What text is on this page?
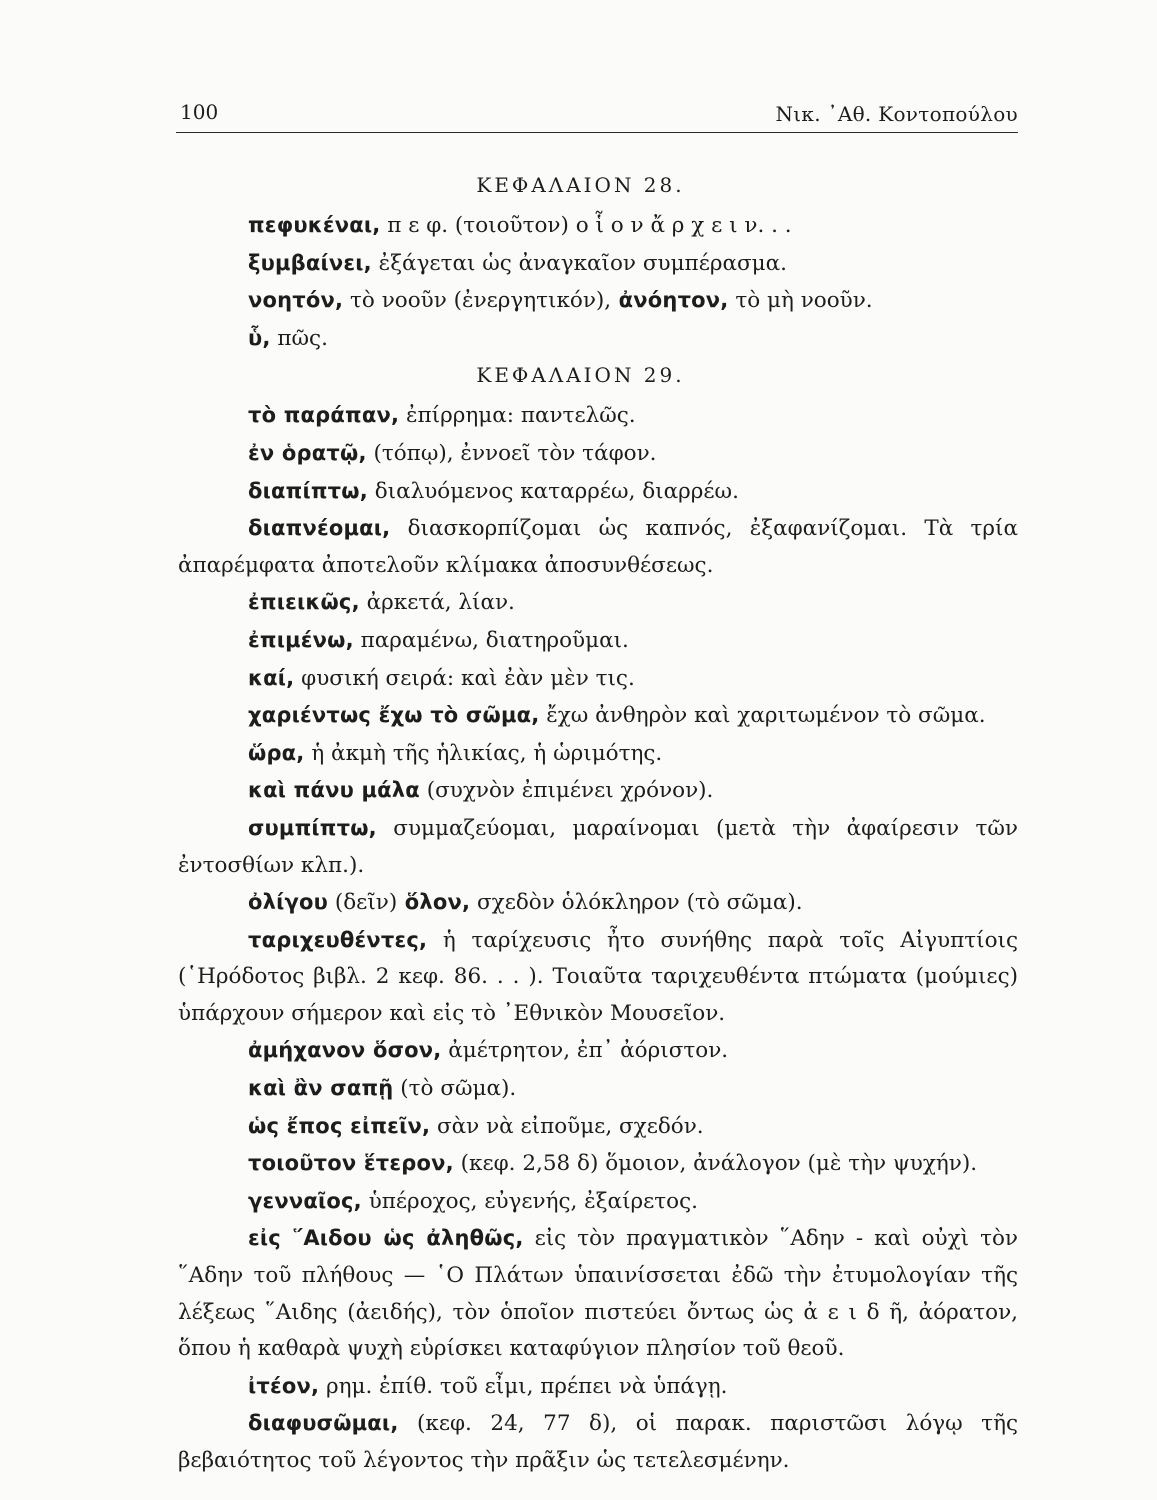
100	Νικ. ᾿Αθ. Κοντοπούλου
ΚΕΦΑΛΑΙΟΝ 28.

πεφυκέναι, π ε φ. (τοιοῦτον) ο ἷ ο ν ἄ ρ χ ε ι ν. . .

ξυμβαίνει, ἐξάγεται ὡς ἀναγκαῖον συμπέρασμα.

νοητόν, τὸ νοοῦν (ἐνεργητικόν), ἀνόητον, τὸ μὴ νοοῦν.

ὗ, πῶς.

ΚΕΦΑΛΑΙΟΝ 29.

τὸ παράπαν, ἐπίρρημα: παντελῶς.

ἐν ὁρατῷ, (τόπῳ), ἐννοεῖ τὸν τάφον.

διαπίπτω, διαλυόμενος καταρρέω, διαρρέω.

διαπνέομαι, διασκορπίζομαι ὡς καπνός, ἐξαφανίζομαι. Τὰ τρία ἀπαρέμφατα ἀποτελοῦν κλίμακα ἀποσυνθέσεως.

ἐπιεικῶς, ἀρκετά, λίαν.

ἐπιμένω, παραμένω, διατηροῦμαι.

καί, φυσική σειρά: καὶ ἐὰν μὲν τις.

χαριέντως ἔχω τὸ σῶμα, ἔχω ἀνθηρὸν καὶ χαριτωμένον τὸ σῶμα.

ὥρα, ἡ ἀκμὴ τῆς ἡλικίας, ἡ ὡριμότης.

καὶ πάνυ μάλα (συχνὸν ἐπιμένει χρόνον).

συμπίπτω, συμμαζεύομαι, μαραίνομαι (μετὰ τὴν ἀφαίρεσιν τῶν ἐντοσθίων κλπ.).

ὀλίγου (δεῖν) ὅλον, σχεδὸν ὁλόκληρον (τὸ σῶμα).

ταριχευθέντες, ἡ ταρίχευσις ἦτο συνήθης παρὰ τοῖς Αἰγυπτίοις (῾Ηρόδοτος βιβλ. 2 κεφ. 86. . . ). Τοιαῦτα ταριχευθέντα πτώματα (μούμιες) ὑπάρχουν σήμερον καὶ εἰς τὸ ᾿Εθνικὸν Μουσεῖον.

ἀμήχανον ὅσον, ἀμέτρητον, ἐπ᾿ ἀόριστον.

καὶ ἂν σαπῇ (τὸ σῶμα).

ὡς ἔπος εἰπεῖν, σὰν νὰ εἰποῦμε, σχεδόν.

τοιοῦτον ἕτερον, (κεφ. 2,58 δ) ὅμοιον, ἀνάλογον (μὲ τὴν ψυχήν).

γενναῖος, ὑπέροχος, εὐγενής, ἐξαίρετος.

εἰς ῞Αιδου ὡς ἀληθῶς, εἰς τὸν πραγματικὸν ῞Αδην - καὶ οὐχὶ τὸν ῞Αδην τοῦ πλήθους — ῾Ο Πλάτων ὑπαινίσσεται ἐδῶ τὴν ἐτυμολογίαν τῆς λέξεως ῞Αιδης (ἀειδής), τὸν ὁποῖον πιστεύει ὄντως ὡς ἀ ε ι δ ῆ, ἀόρατον, ὅπου ἡ καθαρὰ ψυχὴ εὑρίσκει καταφύγιον πλησίον τοῦ θεοῦ.

ἰτέον, ρημ. ἐπίθ. τοῦ εἶμι, πρέπει νὰ ὑπάγῃ.

διαφυσῶμαι, (κεφ. 24, 77 δ), οἱ παρακ. παριστῶσι λόγῳ τῆς βεβαιότητος τοῦ λέγοντος τὴν πρᾶξιν ὡς τετελεσμένην.
